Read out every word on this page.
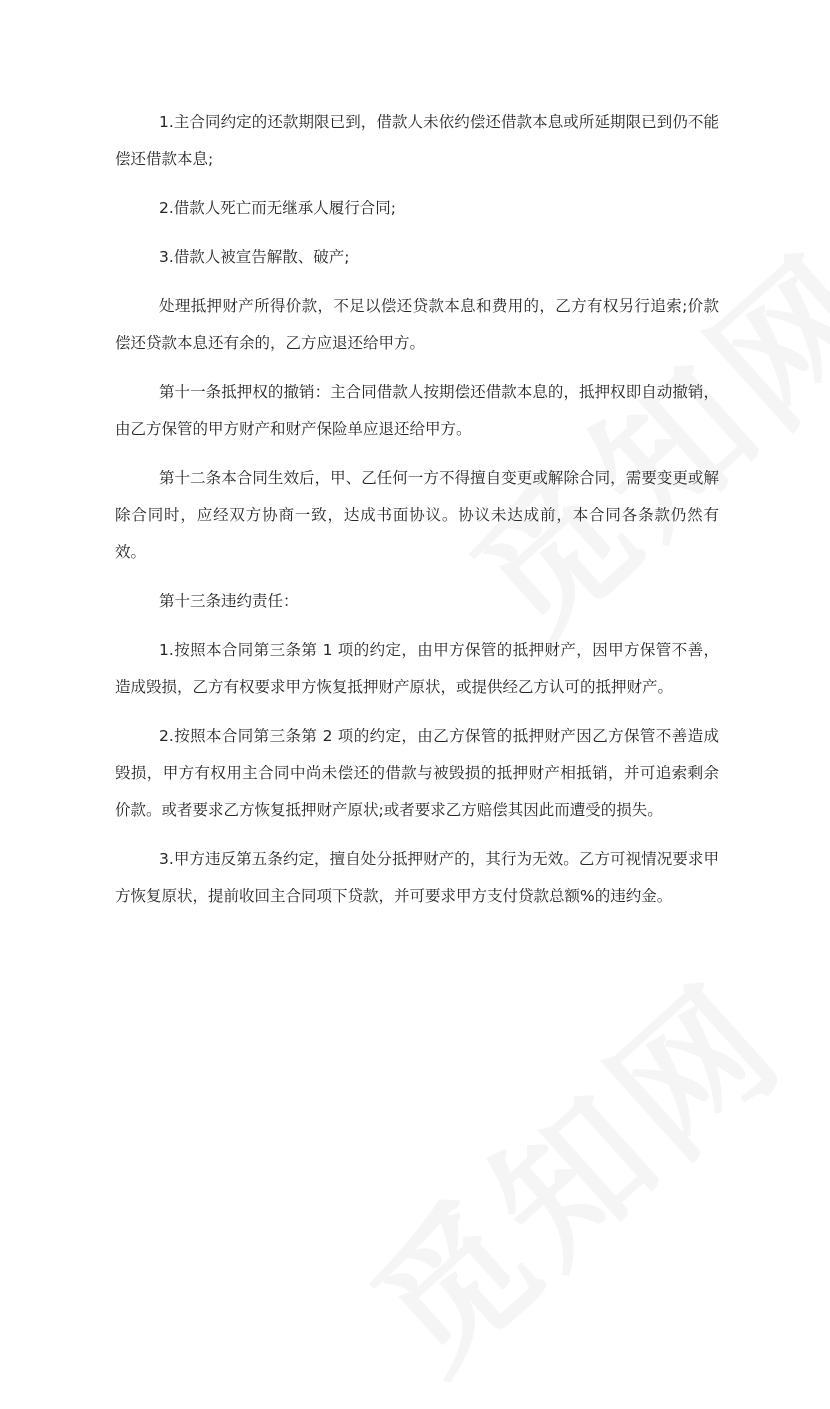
1.主合同约定的还款期限已到，借款人未依约偿还借款本息或所延期限已到仍不能偿还借款本息;

2.借款人死亡而无继承人履行合同;

3.借款人被宣告解散、破产;

处理抵押财产所得价款，不足以偿还贷款本息和费用的，乙方有权另行追索;价款偿还贷款本息还有余的，乙方应退还给甲方。

第十一条抵押权的撤销：主合同借款人按期偿还借款本息的，抵押权即自动撤销，由乙方保管的甲方财产和财产保险单应退还给甲方。

第十二条本合同生效后，甲、乙任何一方不得擅自变更或解除合同，需要变更或解除合同时，应经双方协商一致，达成书面协议。协议未达成前，本合同各条款仍然有效。

第十三条违约责任：

1.按照本合同第三条第 1 项的约定，由甲方保管的抵押财产，因甲方保管不善，造成毁损，乙方有权要求甲方恢复抵押财产原状，或提供经乙方认可的抵押财产。

2.按照本合同第三条第 2 项的约定，由乙方保管的抵押财产因乙方保管不善造成毁损，甲方有权用主合同中尚未偿还的借款与被毁损的抵押财产相抵销，并可追索剩余价款。或者要求乙方恢复抵押财产原状;或者要求乙方赔偿其因此而遭受的损失。

3.甲方违反第五条约定，擅自处分抵押财产的，其行为无效。乙方可视情况要求甲方恢复原状，提前收回主合同项下贷款，并可要求甲方支付贷款总额%的违约金。
